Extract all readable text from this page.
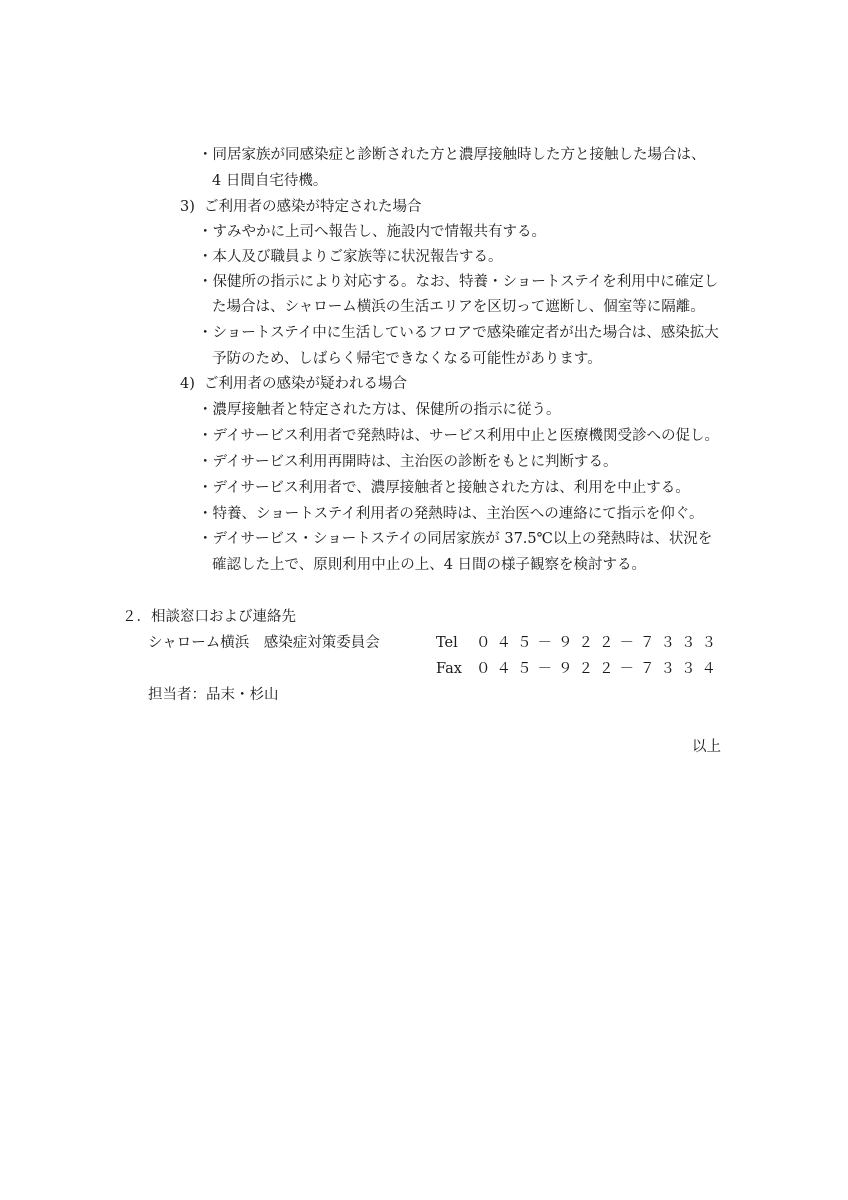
・同居家族が同感染症と診断された方と濃厚接触時した方と接触した場合は、
4 日間自宅待機。
3) ご利用者の感染が特定された場合
・すみやかに上司へ報告し、施設内で情報共有する。
・本人及び職員よりご家族等に状況報告する。
・保健所の指示により対応する。なお、特養・ショートステイを利用中に確定し
た場合は、シャローム横浜の生活エリアを区切って遮断し、個室等に隔離。
・ショートステイ中に生活しているフロアで感染確定者が出た場合は、感染拡大
予防のため、しばらく帰宅できなくなる可能性があります。
4) ご利用者の感染が疑われる場合
・濃厚接触者と特定された方は、保健所の指示に従う。
・デイサービス利用者で発熱時は、サービス利用中止と医療機関受診への促し。
・デイサービス利用再開時は、主治医の診断をもとに判断する。
・デイサービス利用者で、濃厚接触者と接触された方は、利用を中止する。
・特養、ショートステイ利用者の発熱時は、主治医への連絡にて指示を仰ぐ。
・デイサービス・ショートステイの同居家族が 37.5℃以上の発熱時は、状況を
確認した上で、原則利用中止の上、4 日間の様子観察を検討する。
２．相談窓口および連絡先
シャローム横浜　感染症対策委員会	Tel ０４５－９２２－７３３３
Fax ０４５－９２２－７３３４
担当者：品末・杉山
以上
